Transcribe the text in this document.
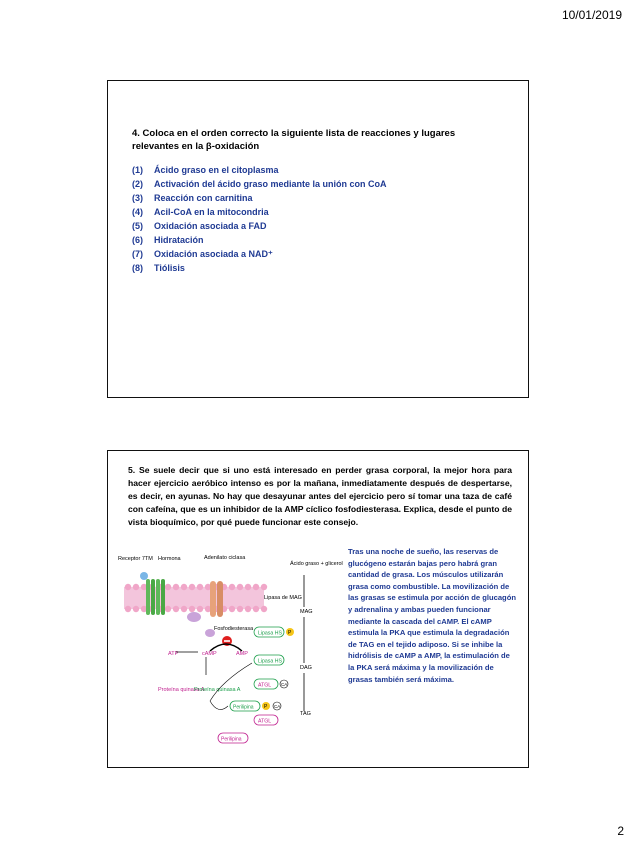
10/01/2019
4. Coloca en el orden correcto la siguiente lista de reacciones y lugares relevantes en la β-oxidación
(1)	Ácido graso en el citoplasma
(2)	Activación del ácido graso mediante la unión con CoA
(3)	Reacción con carnitina
(4)	Acil-CoA en la mitocondria
(5)	Oxidación asociada a FAD
(6)	Hidratación
(7)	Oxidación asociada a NAD⁺
(8)	Tiólisis
5. Se suele decir que si uno está interesado en perder grasa corporal, la mejor hora para hacer ejercicio aeróbico intenso es por la mañana, inmediatamente después de despertarse, es decir, en ayunas. No hay que desayunar antes del ejercicio pero sí tomar una taza de café con cafeína, que es un inhibidor de la AMP cíclico fosfodiesterasa. Explica, desde el punto de vista bioquímico, por qué puede funcionar este consejo.
Receptor 7TM Hormona	Adenilato ciclasa
Fosfodiesterasa
ATP	cAMP	AMP
Proteína quinasa A
Proteína quinasa A
Ácido graso + glicerol
Lipasa de MAG
MAG
DAG
TAG
Lipasa HS P
Lipasa HS
ATGL CA
Perilipina P CA
ATGL
Perilipina
Tras una noche de sueño, las reservas de glucógeno estarán bajas pero habrá gran cantidad de grasa. Los músculos utilizarán grasa como combustible. La movilización de las grasas se estimula por acción de glucagón y adrenalina y ambas pueden funcionar mediante la cascada del cAMP. El cAMP estimula la PKA que estimula la degradación de TAG en el tejido adiposo. Si se inhibe la hidrólisis de cAMP a AMP, la estimulación de la PKA será máxima y la movilización de grasas también será máxima.
2
